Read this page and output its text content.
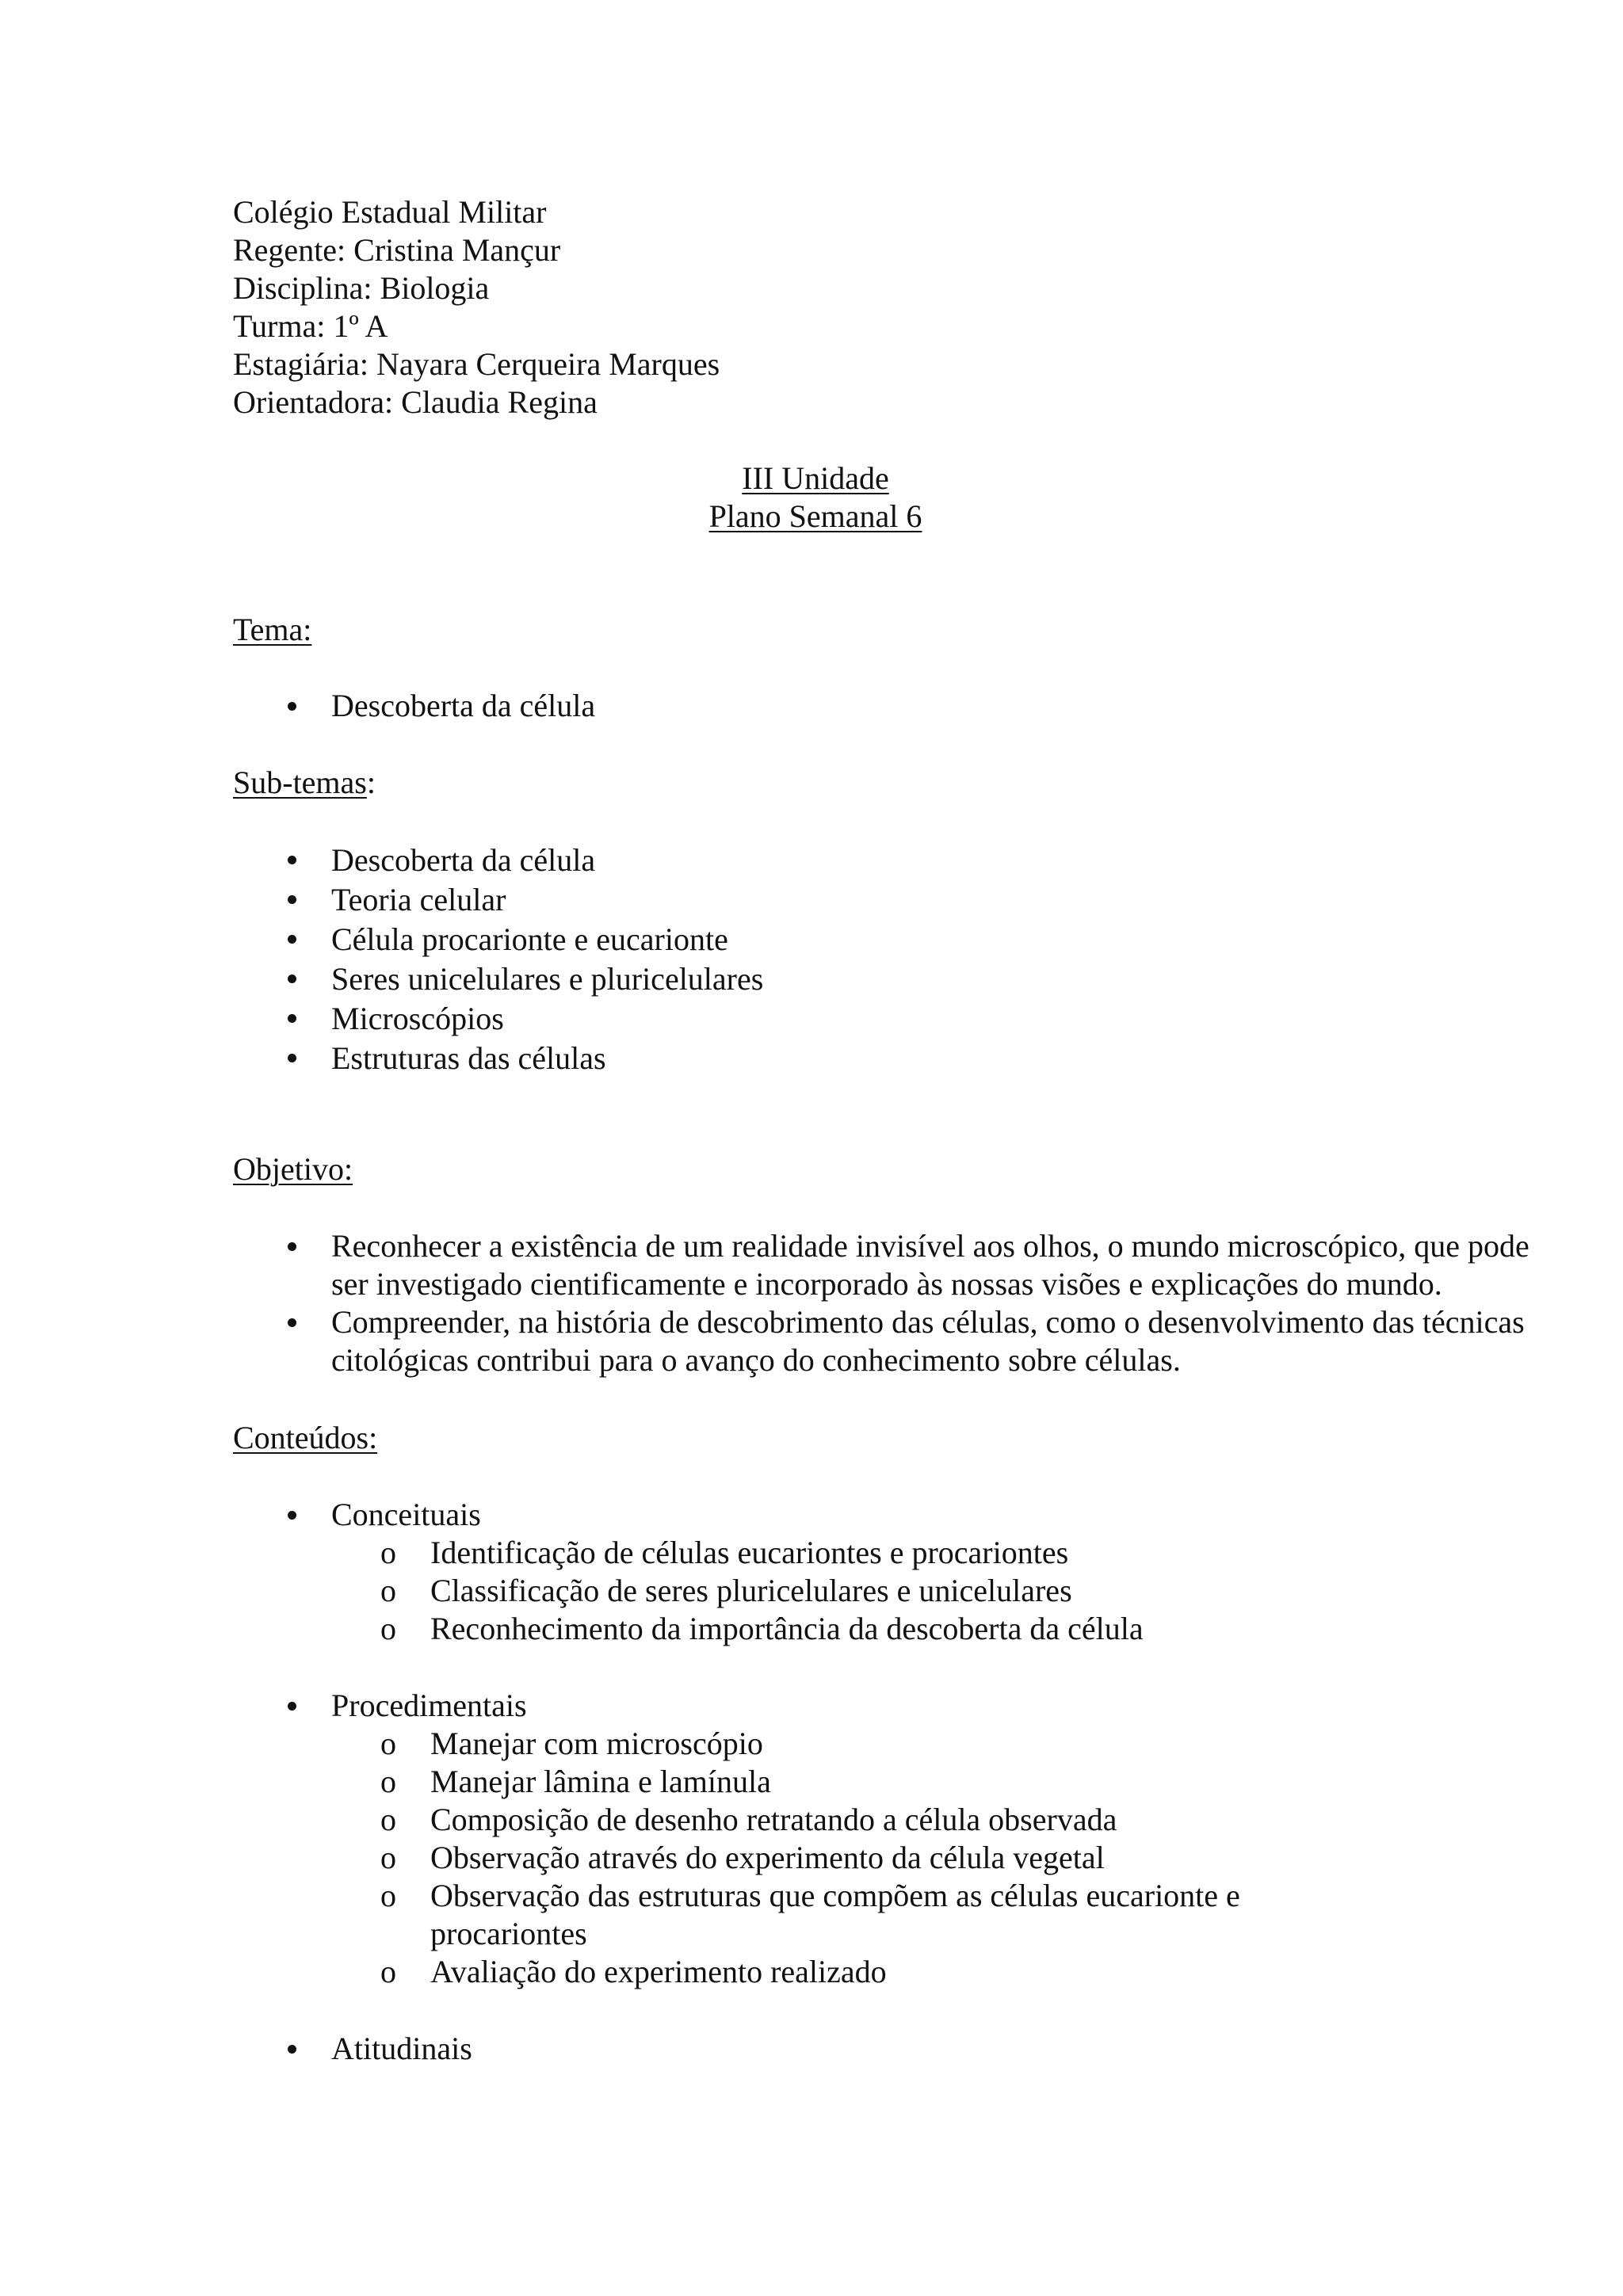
Colégio Estadual Militar
Regente: Cristina Mançur
Disciplina: Biologia
Turma: 1º A
Estagiária: Nayara Cerqueira Marques
Orientadora: Claudia Regina
III Unidade
Plano Semanal 6
Tema:
Descoberta da célula
Sub-temas:
Descoberta da célula
Teoria celular
Célula procarionte e eucarionte
Seres unicelulares e pluricelulares
Microscópios
Estruturas das células
Objetivo:
Reconhecer a existência de um realidade invisível aos olhos, o mundo microscópico, que pode ser investigado cientificamente e incorporado às nossas visões e explicações do mundo.
Compreender, na história de descobrimento das células, como o desenvolvimento das técnicas citológicas contribui para o avanço do conhecimento sobre células.
Conteúdos:
Conceituais
o Identificação de células eucariontes e procariontes
o Classificação de seres pluricelulares e unicelulares
o Reconhecimento da importância da descoberta da célula
Procedimentais
o Manejar com microscópio
o Manejar lâmina e lamínula
o Composição de desenho retratando a célula observada
o Observação através do experimento da célula vegetal
o Observação das estruturas que compõem as células eucarionte e procariontes
o Avaliação do experimento realizado
Atitudinais
